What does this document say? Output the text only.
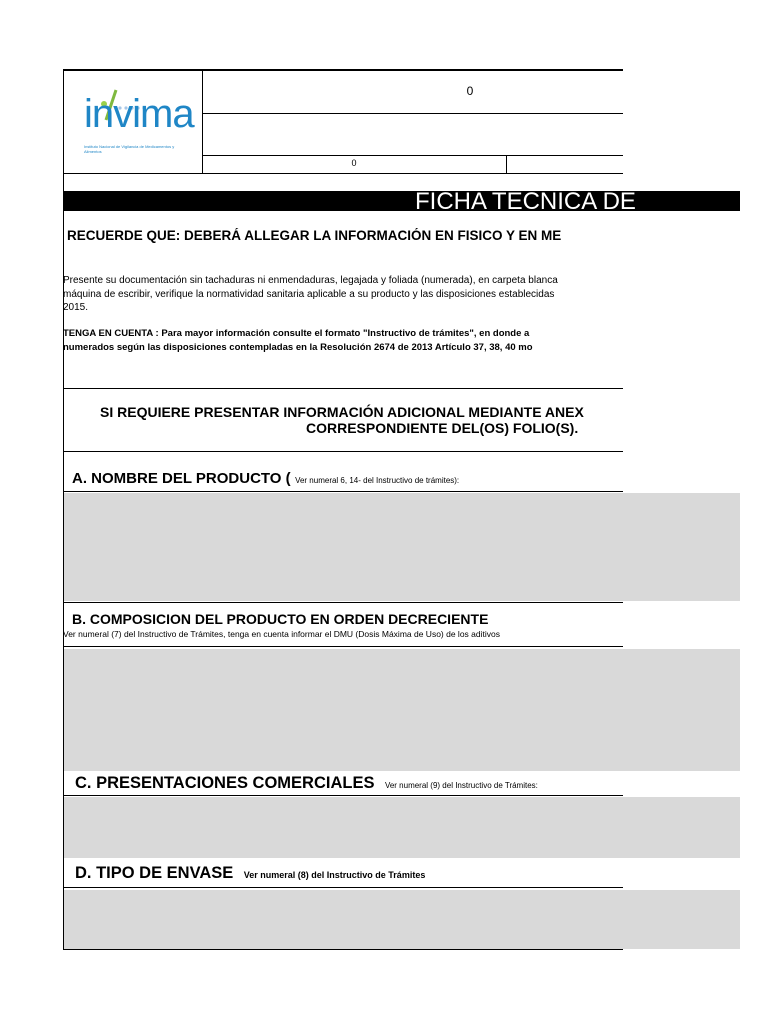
invima
Instituto Nacional de Vigilancia de Medicamentos y Alimentos
0
0
FICHA TECNICA DE
RECUERDE QUE: DEBERÁ ALLEGAR LA INFORMACIÓN EN FISICO Y EN ME
Presente su documentación sin tachaduras ni enmendaduras, legajada y foliada (numerada), en carpeta blanca
máquina de escribir, verifique la normatividad sanitaria aplicable a su producto y las disposiciones establecidas
2015.
TENGA EN CUENTA : Para mayor información consulte el formato "Instructivo de trámites", en donde a
numerados según las disposiciones contempladas en la Resolución 2674 de 2013 Artículo 37, 38, 40 mo
SI REQUIERE PRESENTAR INFORMACIÓN ADICIONAL MEDIANTE ANEX
CORRESPONDIENTE DEL(OS) FOLIO(S).
A. NOMBRE DEL PRODUCTO ( Ver numeral 6, 14- del Instructivo de trámites):
B. COMPOSICION DEL PRODUCTO EN ORDEN DECRECIENTE
Ver numeral (7) del Instructivo de Trámites, tenga en cuenta informar el DMU (Dosis Máxima de Uso) de los aditivos
C. PRESENTACIONES COMERCIALES Ver numeral (9) del Instructivo de Trámites:
D. TIPO DE ENVASE Ver numeral (8) del Instructivo de Trámites
